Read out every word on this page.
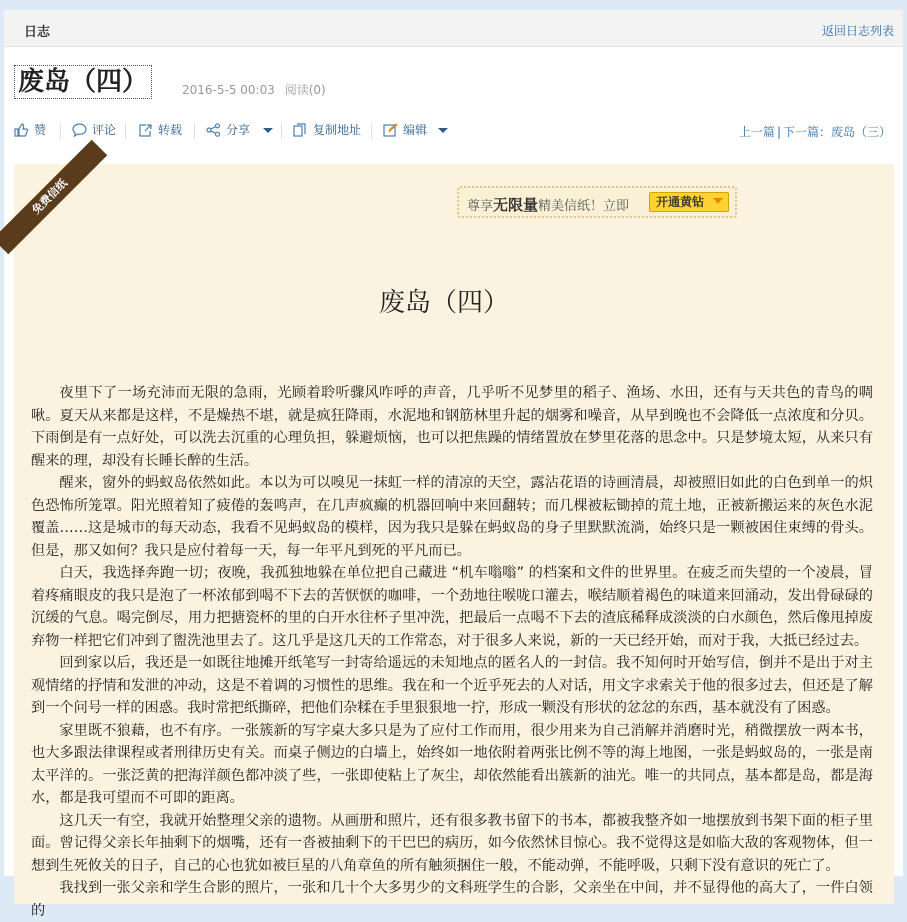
日志	返回日志列表
废岛（四）	2016-5-5 00:03 阅读(0)
赞	评论	转载	分享	复制地址	编辑	上一篇 | 下一篇：废岛（三）
免费信纸	尊享无限量精美信纸！立即	开通黄钻
废岛（四）

夜里下了一场充沛而无限的急雨，光顾着聆听骤风咋呼的声音，几乎听不见梦里的稻子、渔场、水田，还有与天共色的青鸟的啁啾。夏天从来都是这样，不是燥热不堪，就是疯狂降雨，水泥地和钢筋林里升起的烟雾和噪音，从早到晚也不会降低一点浓度和分贝。下雨倒是有一点好处，可以洗去沉重的心理负担，躲避烦恼，也可以把焦躁的情绪置放在梦里花落的思念中。只是梦境太短，从来只有醒来的理，却没有长睡长醉的生活。

醒来，窗外的蚂蚁岛依然如此。本以为可以嗅见一抹虹一样的清凉的天空，露沾花语的诗画清晨，却被照旧如此的白色到单一的炽色恐怖所笼罩。阳光照着知了疲倦的轰鸣声，在几声疯癫的机器回响中来回翻转；而几棵被耘锄掉的荒土地，正被新搬运来的灰色水泥覆盖……这是城市的每天动态，我看不见蚂蚁岛的模样，因为我只是躲在蚂蚁岛的身子里默默流淌，始终只是一颗被困住束缚的骨头。但是，那又如何？我只是应付着每一天，每一年平凡到死的平凡而已。

白天，我选择奔跑一切；夜晚，我孤独地躲在单位把自己藏进 “机车嗡嗡” 的档案和文件的世界里。在疲乏而失望的一个凌晨，冒着疼痛眼皮的我只是泡了一杯浓郁到喝不下去的苦恹恹的咖啡，一个劲地往喉咙口灌去，喉结顺着褐色的味道来回涌动，发出骨碌碌的沉缓的气息。喝完倒尽，用力把搪瓷杯的里的白开水往杯子里冲洗，把最后一点喝不下去的渣底稀释成淡淡的白水颜色，然后像甩掉废弃物一样把它们冲到了盥洗池里去了。这几乎是这几天的工作常态，对于很多人来说，新的一天已经开始，而对于我，大抵已经过去。

回到家以后，我还是一如既往地摊开纸笔写一封寄给遥远的未知地点的匿名人的一封信。我不知何时开始写信，倒并不是出于对主观情绪的抒情和发泄的冲动，这是不着调的习惯性的思维。我在和一个近乎死去的人对话，用文字求索关于他的很多过去，但还是了解到一个问号一样的困惑。我时常把纸撕碎，把他们杂糅在手里狠狠地一拧，形成一颗没有形状的忿忿的东西，基本就没有了困惑。

家里既不狼藉，也不有序。一张簇新的写字桌大多只是为了应付工作而用，很少用来为自己消解并消磨时光，稍微摆放一两本书，也大多跟法律课程或者刑律历史有关。而桌子侧边的白墙上，始终如一地依附着两张比例不等的海上地图，一张是蚂蚁岛的，一张是南太平洋的。一张泛黄的把海洋颜色都冲淡了些，一张即使粘上了灰尘，却依然能看出簇新的油光。唯一的共同点，基本都是岛，都是海水，都是我可望而不可即的距离。

这几天一有空，我就开始整理父亲的遗物。从画册和照片，还有很多教书留下的书本，都被我整齐如一地摆放到书架下面的柜子里面。曾记得父亲长年抽剩下的烟嘴，还有一沓被抽剩下的干巴巴的病历，如今依然怵目惊心。我不觉得这是如临大敌的客观物体，但一想到生死攸关的日子，自己的心也犹如被巨星的八角章鱼的所有触须捆住一般，不能动弹，不能呼吸，只剩下没有意识的死亡了。

我找到一张父亲和学生合影的照片，一张和几十个大多男少的文科班学生的合影，父亲坐在中间，并不显得他的高大了，一件白领的
